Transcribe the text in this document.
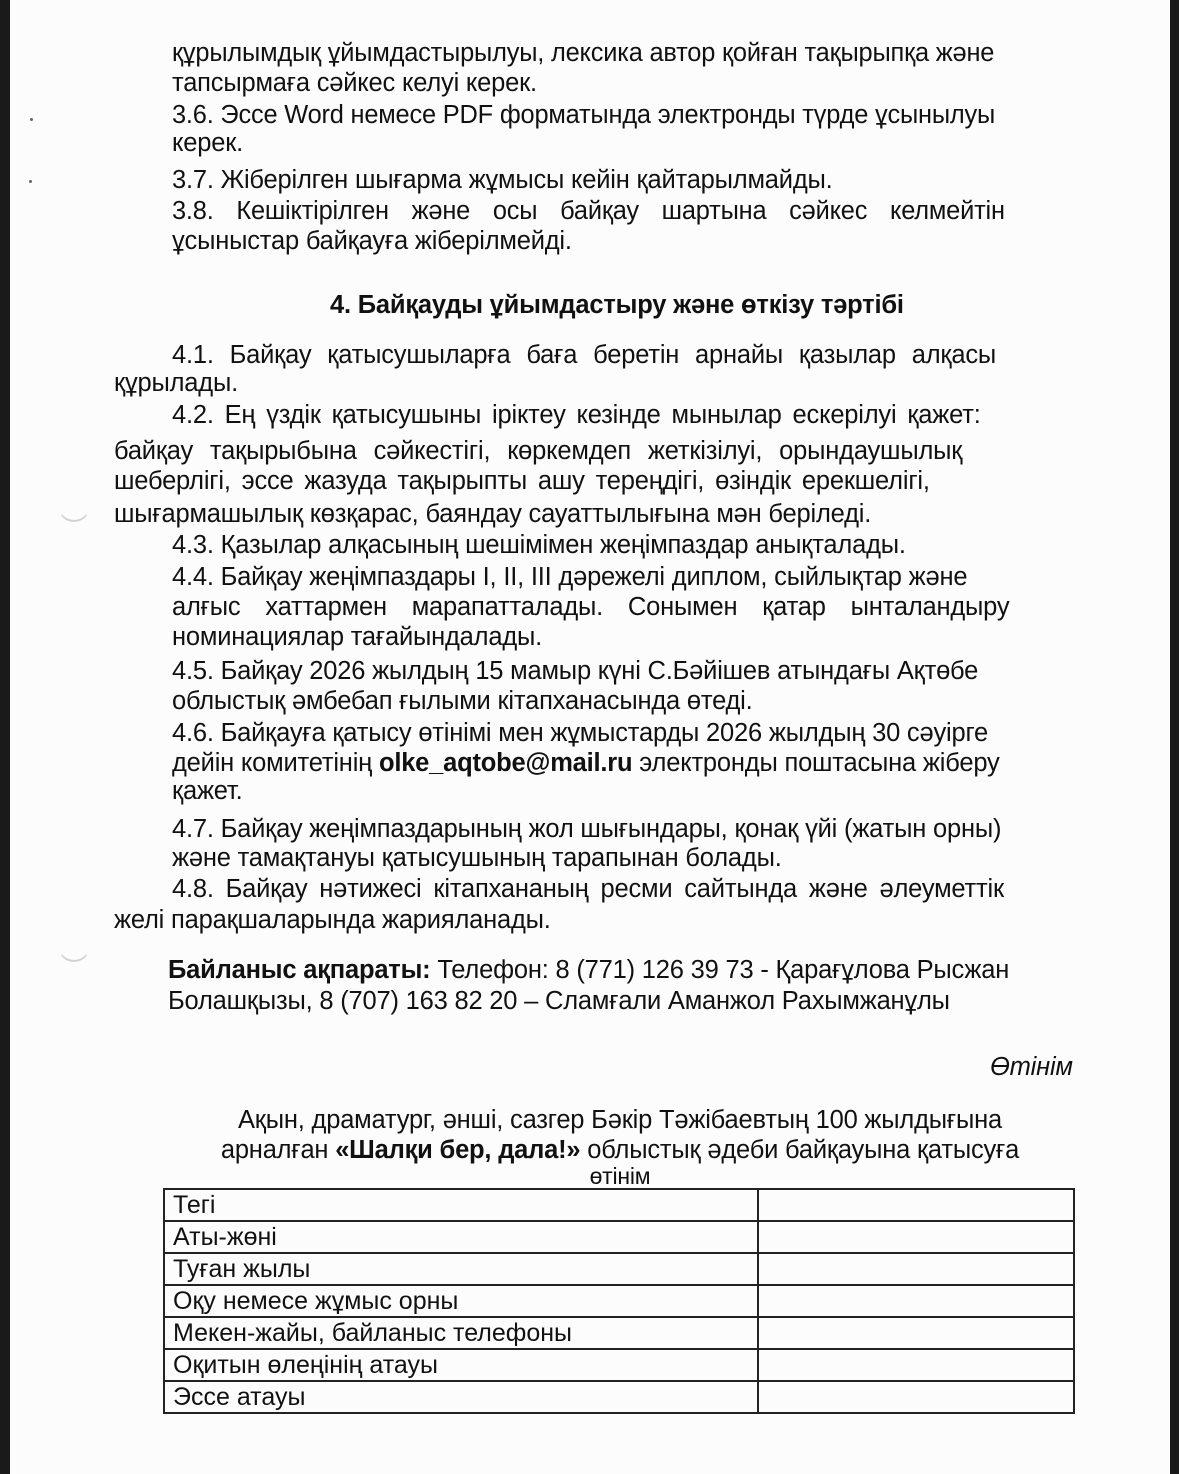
құрылымдық ұйымдастырылуы, лексика автор қойған тақырыпқа және
тапсырмаға сәйкес келуі керек.
3.6. Эссе Word немесе PDF форматында электронды түрде ұсынылуы
керек.
3.7. Жіберілген шығарма жұмысы кейін қайтарылмайды.
3.8. Кешіктірілген және осы байқау шартына сәйкес келмейтін
ұсыныстар байқауға жіберілмейді.
4. Байқауды ұйымдастыру және өткізу тәртібі
4.1. Байқау қатысушыларға баға беретін арнайы қазылар алқасы
құрылады.
4.2. Ең үздік қатысушыны іріктеу кезінде мынылар ескерілуі қажет:
байқау тақырыбына сәйкестігі, көркемдеп жеткізілуі, орындаушылық
шеберлігі, эссе жазуда тақырыпты ашу тереңдігі, өзіндік ерекшелігі,
шығармашылық көзқарас, баяндау сауаттылығына мән беріледі.
4.3. Қазылар алқасының шешімімен жеңімпаздар анықталады.
4.4. Байқау жеңімпаздары І, ІІ, ІІІ дәрежелі диплом, сыйлықтар және
алғыс хаттармен марапатталады. Сонымен қатар ынталандыру
номинациялар тағайындалады.
4.5. Байқау 2026 жылдың 15 мамыр күні С.Бәйішев атындағы Ақтөбе
облыстық әмбебап ғылыми кітапханасында өтеді.
4.6. Байқауға қатысу өтінімі мен жұмыстарды 2026 жылдың 30 сәуірге
дейін комитетінің olke_aqtobe@mail.ru электронды поштасына жіберу
қажет.
4.7. Байқау жеңімпаздарының жол шығындары, қонақ үйі (жатын орны)
және тамақтануы қатысушының тарапынан болады.
4.8. Байқау нәтижесі кітапхананың ресми сайтында және әлеуметтік
желі парақшаларында жарияланады.
Байланыс ақпараты: Телефон: 8 (771) 126 39 73 - Қарағұлова Рысжан
Болашқызы, 8 (707) 163 82 20 – Сламғали Аманжол Рахымжанұлы
Өтінім
Ақын, драматург, әнші, сазгер Бәкір Тәжібаевтың 100 жылдығына
арналған «Шалқи бер, дала!» облыстық әдеби байқауына қатысуға
өтінім
Тегі	
Аты-жөні	
Туған жылы	
Оқу немесе жұмыс орны	
Мекен-жайы, байланыс телефоны	
Оқитын өлеңінің атауы	
Эссе атауы	
